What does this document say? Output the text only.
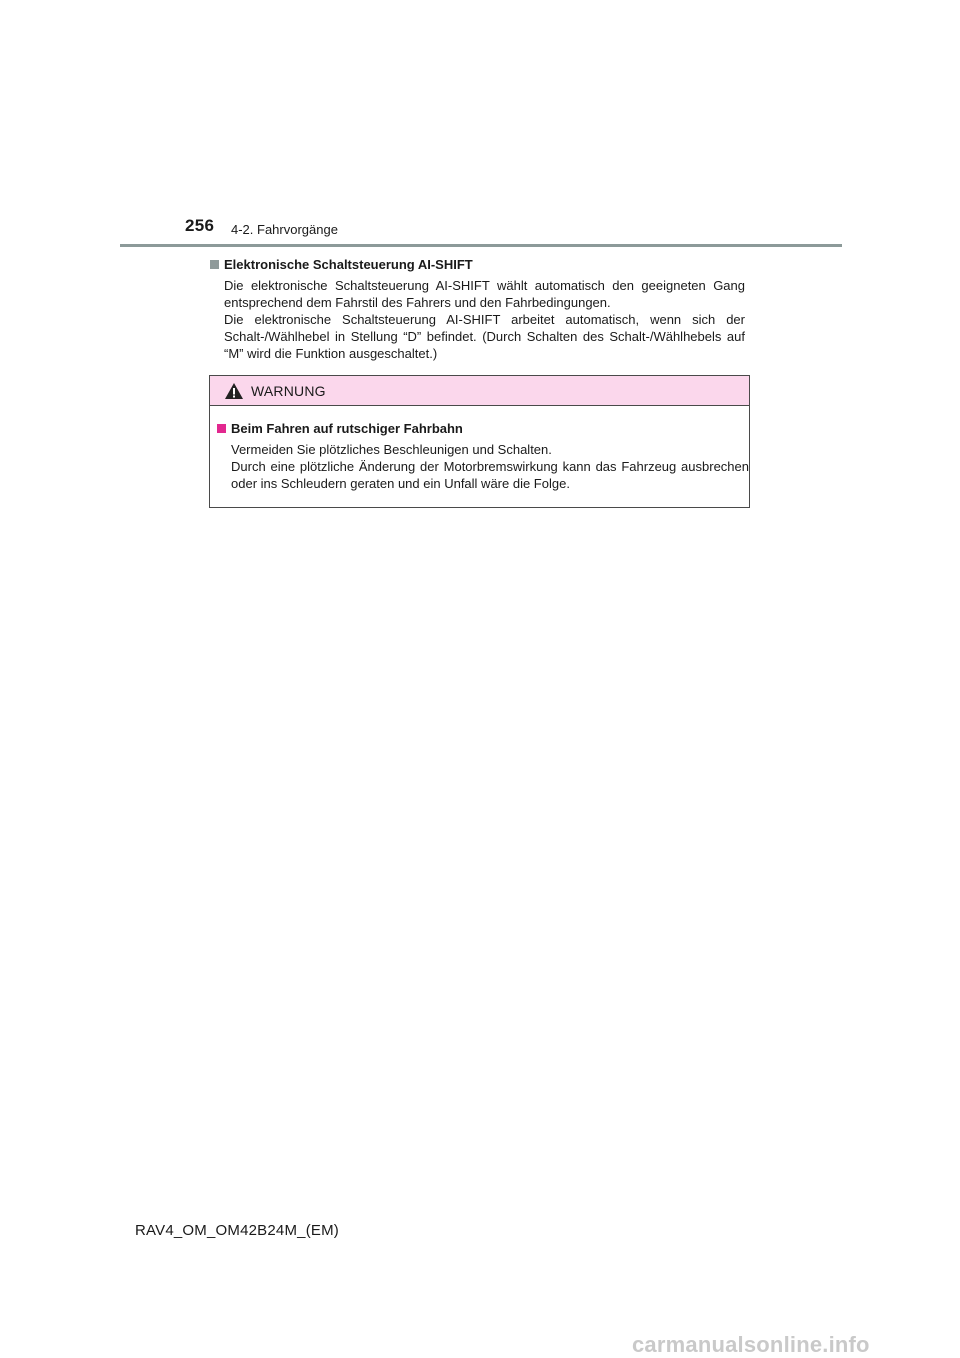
256 4-2. Fahrvorgänge
Elektronische Schaltsteuerung AI-SHIFT

Die elektronische Schaltsteuerung AI-SHIFT wählt automatisch den geeigneten Gang entsprechend dem Fahrstil des Fahrers und den Fahrbedingungen.

Die elektronische Schaltsteuerung AI-SHIFT arbeitet automatisch, wenn sich der Schalt-/Wählhebel in Stellung “D” befindet. (Durch Schalten des Schalt-/Wählhebels auf “M” wird die Funktion ausgeschaltet.)

WARNUNG
Beim Fahren auf rutschiger Fahrbahn

Vermeiden Sie plötzliches Beschleunigen und Schalten.

Durch eine plötzliche Änderung der Motorbremswirkung kann das Fahrzeug ausbrechen oder ins Schleudern geraten und ein Unfall wäre die Folge.

RAV4_OM_OM42B24M_(EM)
carmanualsonline.info
